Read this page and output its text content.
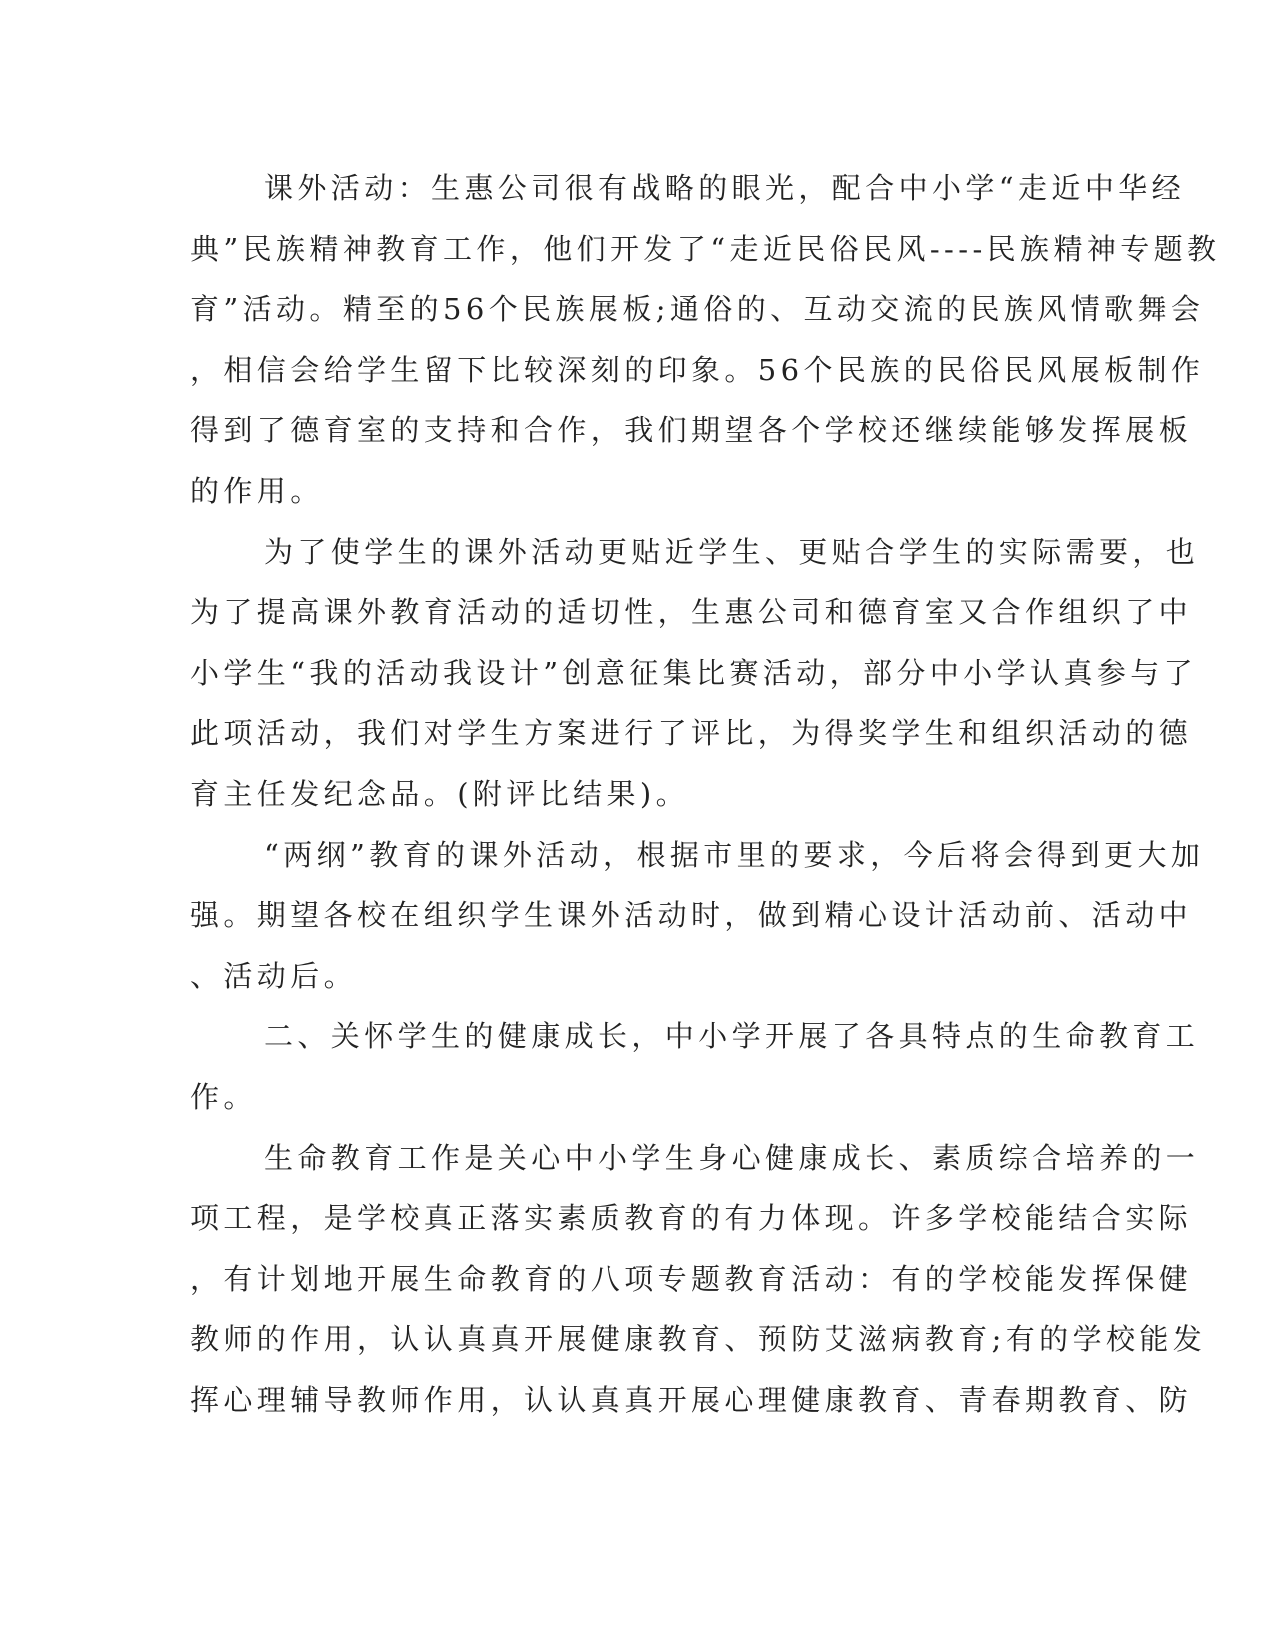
课外活动：生惠公司很有战略的眼光，配合中小学“走近中华经
典”民族精神教育工作，他们开发了“走近民俗民风----民族精神专题教
育”活动。精至的56个民族展板;通俗的、互动交流的民族风情歌舞会
，相信会给学生留下比较深刻的印象。56个民族的民俗民风展板制作
得到了德育室的支持和合作，我们期望各个学校还继续能够发挥展板
的作用。
为了使学生的课外活动更贴近学生、更贴合学生的实际需要，也
为了提高课外教育活动的适切性，生惠公司和德育室又合作组织了中
小学生“我的活动我设计”创意征集比赛活动，部分中小学认真参与了
此项活动，我们对学生方案进行了评比，为得奖学生和组织活动的德
育主任发纪念品。(附评比结果)。
“两纲”教育的课外活动，根据市里的要求，今后将会得到更大加
强。期望各校在组织学生课外活动时，做到精心设计活动前、活动中
、活动后。
二、关怀学生的健康成长，中小学开展了各具特点的生命教育工
作。
生命教育工作是关心中小学生身心健康成长、素质综合培养的一
项工程，是学校真正落实素质教育的有力体现。许多学校能结合实际
，有计划地开展生命教育的八项专题教育活动：有的学校能发挥保健
教师的作用，认认真真开展健康教育、预防艾滋病教育;有的学校能发
挥心理辅导教师作用，认认真真开展心理健康教育、青春期教育、防
